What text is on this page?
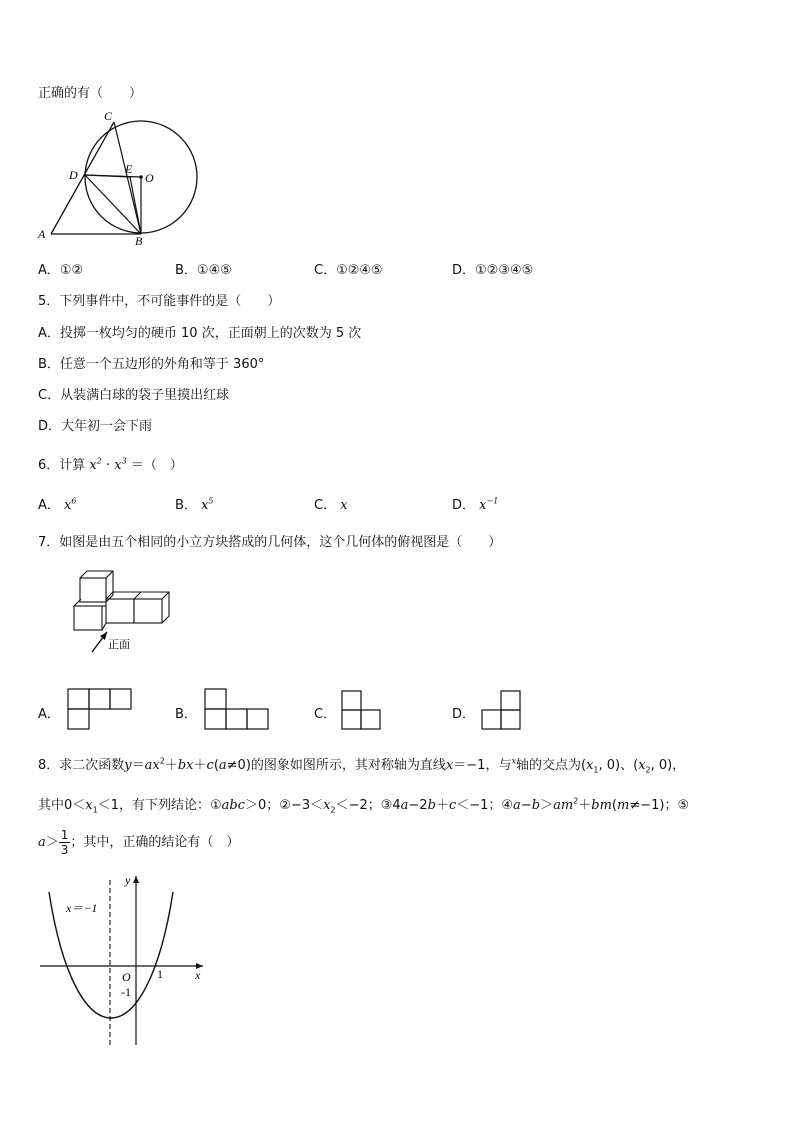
正确的有（　　）
C
D	E
O
A	B
A．①②	B．①④⑤	C．①②④⑤	D．①②③④⑤
5．下列事件中，不可能事件的是（　　）
A．投掷一枚均匀的硬币 10 次，正面朝上的次数为 5 次
B．任意一个五边形的外角和等于 360°
C．从装满白球的袋子里摸出红球
D．大年初一会下雨
6．计算 $x^2 \cdot x^3$ ＝（　）
A． $x^6$	B． $x^5$	C． x	D． $x^{-1}$
7．如图是由五个相同的小立方块搭成的几何体，这个几何体的俯视图是（　　）
正面
A．	B．	C．	D．
8．求二次函数$y=ax^2+bx+c(a\ne 0)$的图象如图所示，其对称轴为直线x＝−1，与$^x$轴的交点为($x_1$, 0)、($x_2$, 0)，
其中$0<x_1<1$，有下列结论：①abc＞0；$②-3<x_2<-2$；③4a−2b＋c＜−1；$④a-b>am^2+bm(m\ne-1)$；⑤
$a> \frac{1}{3}$ ；其中，正确的结论有（　）
x＝−1
y
x
O 1
-1
